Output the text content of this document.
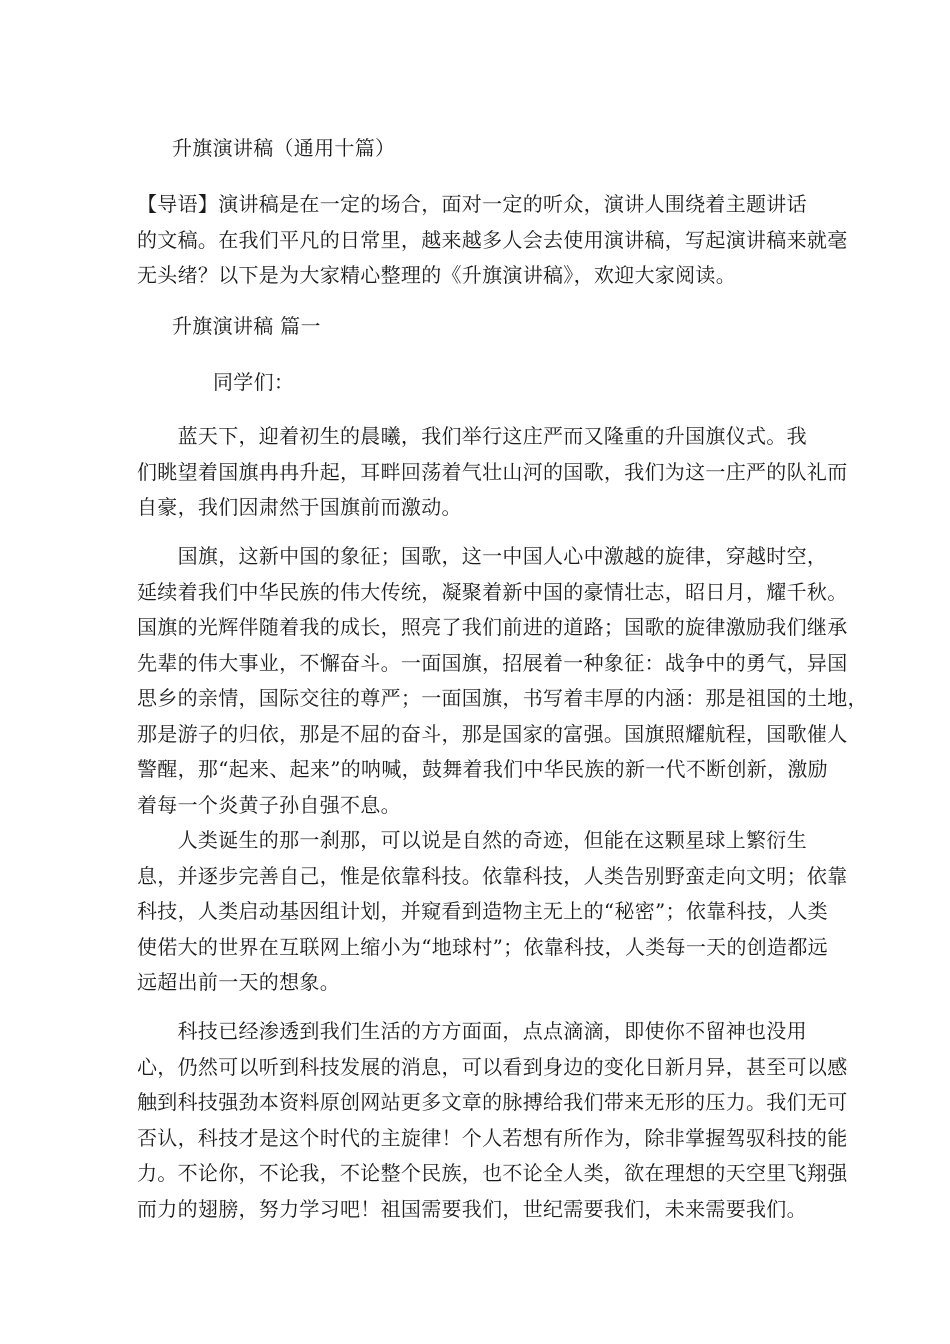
升旗演讲稿（通用十篇）
【导语】演讲稿是在一定的场合，面对一定的听众，演讲人围绕着主题讲话
的文稿。在我们平凡的日常里，越来越多人会去使用演讲稿，写起演讲稿来就毫
无头绪？以下是为大家精心整理的《升旗演讲稿》，欢迎大家阅读。
升旗演讲稿 篇一
同学们：
　　蓝天下，迎着初生的晨曦，我们举行这庄严而又隆重的升国旗仪式。我
们眺望着国旗冉冉升起，耳畔回荡着气壮山河的国歌，我们为这一庄严的队礼而
自豪，我们因肃然于国旗前而激动。
　　国旗，这新中国的象征；国歌，这一中国人心中激越的旋律，穿越时空，
延续着我们中华民族的伟大传统，凝聚着新中国的豪情壮志，昭日月，耀千秋。
国旗的光辉伴随着我的成长，照亮了我们前进的道路；国歌的旋律激励我们继承
先辈的伟大事业，不懈奋斗。一面国旗，招展着一种象征：战争中的勇气，异国
思乡的亲情，国际交往的尊严；一面国旗，书写着丰厚的内涵：那是祖国的土地，
那是游子的归依，那是不屈的奋斗，那是国家的富强。国旗照耀航程，国歌催人
警醒，那“起来、起来”的呐喊，鼓舞着我们中华民族的新一代不断创新，激励
着每一个炎黄子孙自强不息。
　　人类诞生的那一刹那，可以说是自然的奇迹，但能在这颗星球上繁衍生
息，并逐步完善自己，惟是依靠科技。依靠科技，人类告别野蛮走向文明；依靠
科技，人类启动基因组计划，并窥看到造物主无上的“秘密”；依靠科技，人类
使偌大的世界在互联网上缩小为“地球村”；依靠科技，人类每一天的创造都远
远超出前一天的想象。
　　科技已经渗透到我们生活的方方面面，点点滴滴，即使你不留神也没用
心，仍然可以听到科技发展的消息，可以看到身边的变化日新月异，甚至可以感
触到科技强劲本资料原创网站更多文章的脉搏给我们带来无形的压力。我们无可
否认，科技才是这个时代的主旋律！个人若想有所作为，除非掌握驾驭科技的能
力。不论你，不论我，不论整个民族，也不论全人类，欲在理想的天空里飞翔强
而力的翅膀，努力学习吧！祖国需要我们，世纪需要我们，未来需要我们。
